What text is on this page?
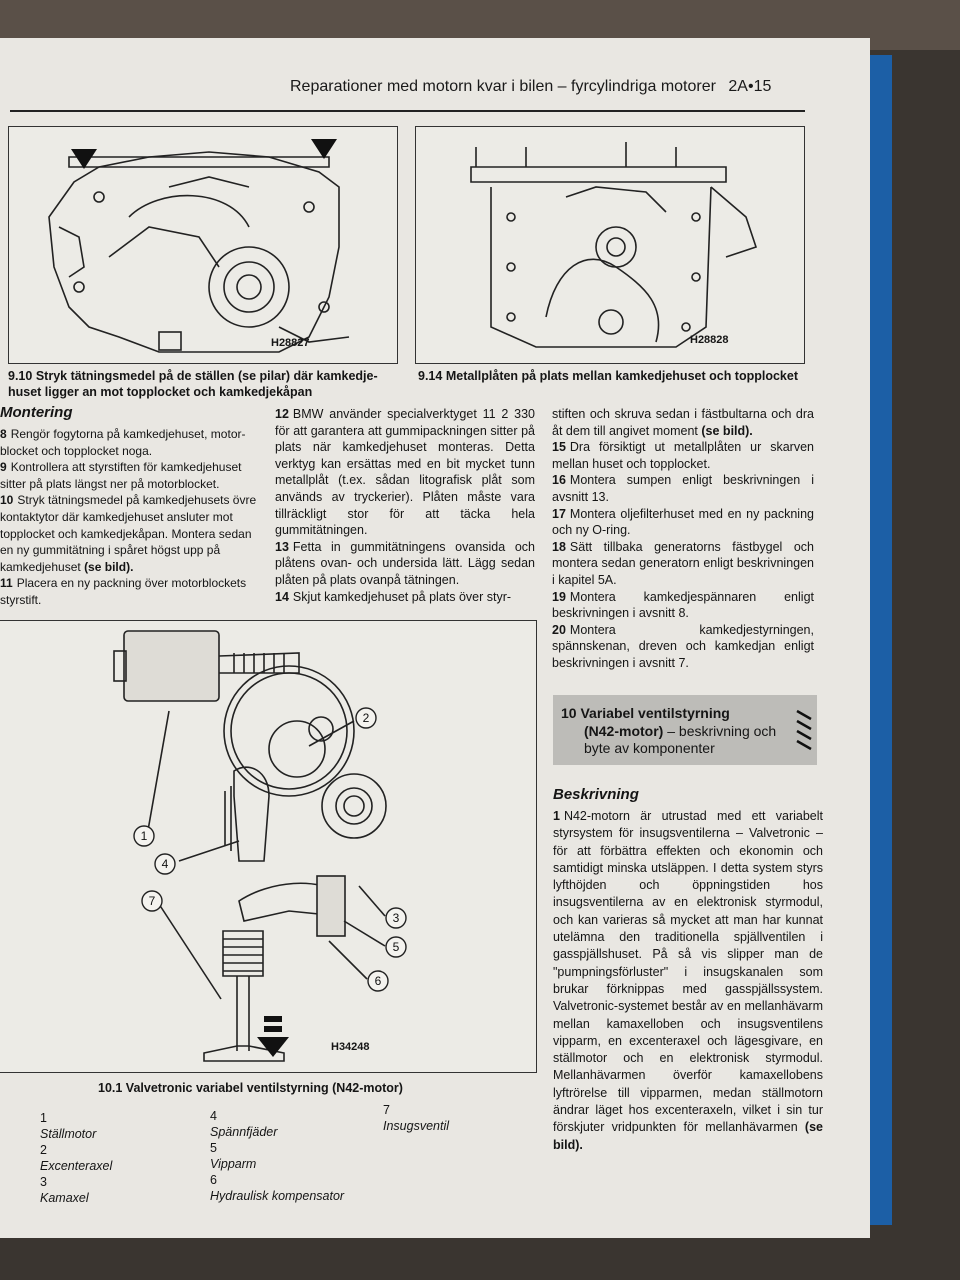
Reparationer med motorn kvar i bilen – fyrcylindriga motorer 2A•15
H28827
9.10 Stryk tätningsmedel på de ställen (se pilar) där kamkedje-huset ligger an mot topplocket och kamkedjekåpan
H28828
9.14 Metallplåten på plats mellan kamkedjehuset och topplocket
Montering

8 Rengör fogytorna på kamkedjehuset, motor-blocket och topplocket noga.

9 Kontrollera att styrstiften för kamkedjehuset sitter på plats längst ner på motorblocket.

10 Stryk tätningsmedel på kamkedjehusets övre kontaktytor där kamkedjehuset ansluter mot topplocket och kamkedjekåpan. Montera sedan en ny gummitätning i spåret högst upp på kamkedjehuset (se bild).

11 Placera en ny packning över motorblockets styrstift.

12 BMW använder specialverktyget 11 2 330 för att garantera att gummipackningen sitter på plats när kamkedjehuset monteras. Detta verktyg kan ersättas med en bit mycket tunn metallplåt (t.ex. sådan litografisk plåt som används av tryckerier). Plåten måste vara tillräckligt stor för att täcka hela gummitätningen.

13 Fetta in gummitätningens ovansida och plåtens ovan- och undersida lätt. Lägg sedan plåten på plats ovanpå tätningen.

14 Skjut kamkedjehuset på plats över styr-

stiften och skruva sedan i fästbultarna och dra åt dem till angivet moment (se bild).

15 Dra försiktigt ut metallplåten ur skarven mellan huset och topplocket.

16 Montera sumpen enligt beskrivningen i avsnitt 13.

17 Montera oljefilterhuset med en ny packning och ny O-ring.

18 Sätt tillbaka generatorns fästbygel och montera sedan generatorn enligt beskrivningen i kapitel 5A.

19 Montera kamkedjespännaren enligt beskrivningen i avsnitt 8.

20 Montera kamkedjestyrningen, spännskenan, dreven och kamkedjan enligt beskrivningen i avsnitt 7.

10 Variabel ventilstyrning
(N42-motor) – beskrivning och byte av komponenter
Beskrivning

1 N42-motorn är utrustad med ett variabelt styrsystem för insugsventilerna – Valvetronic – för att förbättra effekten och ekonomin och samtidigt minska utsläppen. I detta system styrs lyfthöjden och öppningstiden hos insugsventilerna av en elektronisk styrmodul, och kan varieras så mycket att man har kunnat utelämna den traditionella spjällventilen i gasspjällshuset. På så vis slipper man de "pumpningsförluster" i insugskanalen som brukar förknippas med gasspjällssystem. Valvetronic-systemet består av en mellanhävarm mellan kamaxelloben och insugsventilens vipparm, en excenteraxel och lägesgivare, en ställmotor och en elektronisk styrmodul. Mellanhävarmen överför kamaxellobens lyftrörelse till vipparmen, medan ställmotorn ändrar läget hos excenteraxeln, vilket i sin tur förskjuter vridpunkten för mellanhävarmen (se bild).

1
2
3
4
5
6
7
H34248
10.1 Valvetronic variabel ventilstyrning (N42-motor)
1
Ställmotor
2
Excenteraxel
3
Kamaxel
4
Spännfjäder
5
Vipparm
6
Hydraulisk kompensator
7
Insugsventil
